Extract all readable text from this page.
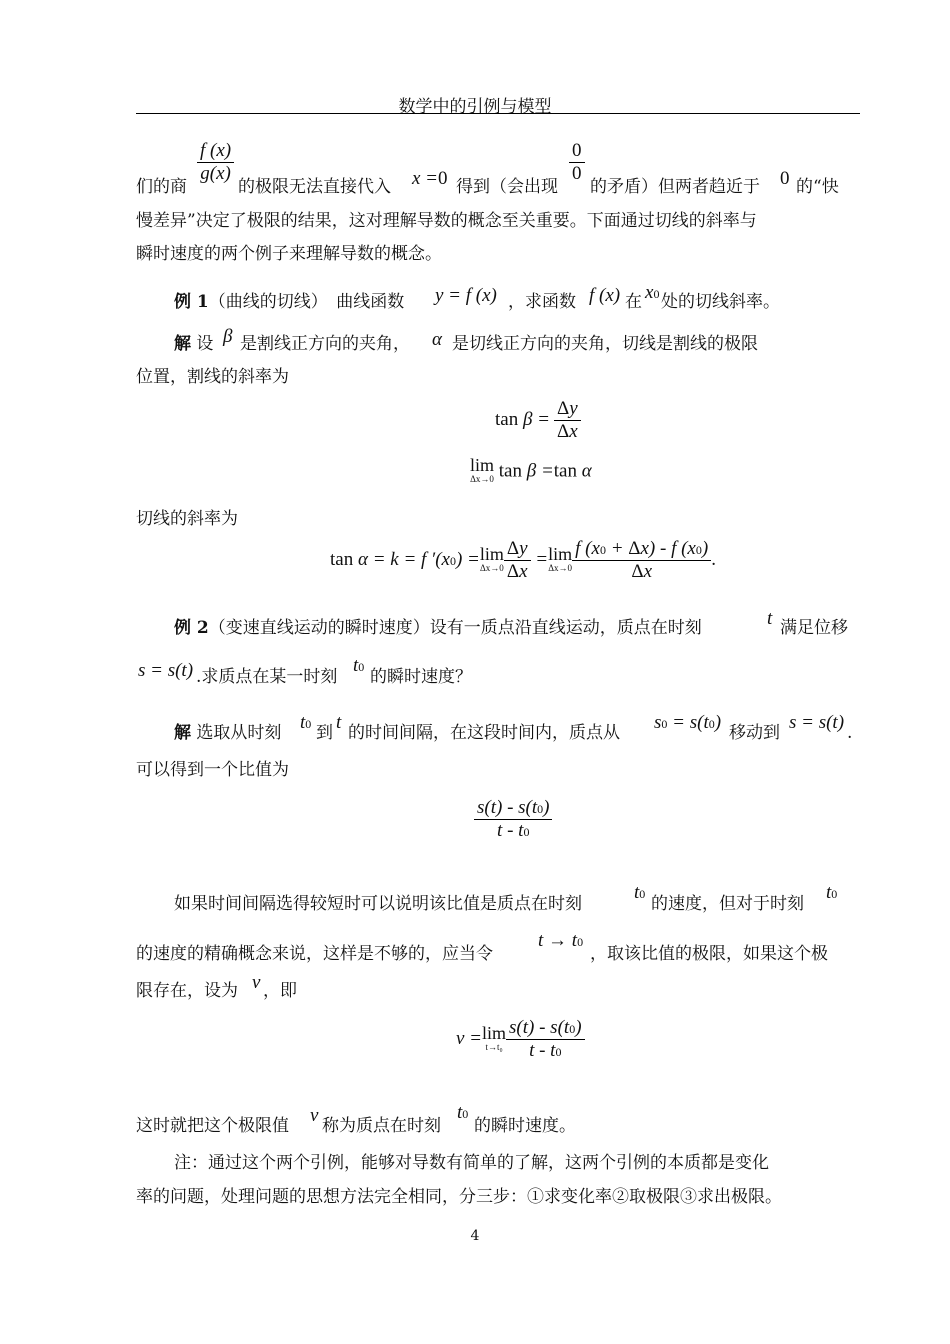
数学中的引例与模型
们的商
$\frac{f (x)}{g(x)}$
的极限无法直接代入 x =0 得到（会出现
$\frac{0}{0}$
的矛盾）但两者趋近于 0 的“快
慢差异”决定了极限的结果，这对理解导数的概念至关重要。下面通过切线的斜率与
瞬时速度的两个例子来理解导数的概念。
例 1（曲线的切线）　曲线函数 y = f (x) ，求函数 f (x) 在 x0 处的切线斜率。
解 设 β 是割线正方向的夹角， α 是切线正方向的夹角，切线是割线的极限
位置，割线的斜率为
$\tan \beta = \frac{\Delta y}{\Delta x}$
lim
Δx→0 tan β =tan α
切线的斜率为
tan α = k = f ′(x0) = lim
$\Delta x\to 0 \frac{\Delta y}{\Delta x} = \lim$
$\Delta x\to 0 \frac{f (x0 + \Delta x) - f (x0)}{\Delta x}$ .
例 2（变速直线运动的瞬时速度）设有一质点沿直线运动，质点在时刻	t 满足位移
s = s(t) .求质点在某一时刻
t0 的瞬时速度？
解 选取从时刻 t0 到 t 的时间间隔，在这段时间内，质点从 s0 = s(t0) 移动到 s = s(t) .
可以得到一个比值为
$\frac{s(t) - s(t0)}{t - t0}$
如果时间间隔选得较短时可以说明该比值是质点在时刻
t0 的速度，但对于时刻
t0
的速度的精确概念来说，这样是不够的，应当令
t → t0
，取该比值的极限，如果这个极
限存在，设为 v ，即
v = lim
$t\to t_0 \frac{s(t) - s(t0)}{t - t0}$
这时就把这个极限值 v 称为质点在时刻
t0
的瞬时速度。
注：通过这个两个引例，能够对导数有简单的了解，这两个引例的本质都是变化
率的问题，处理问题的思想方法完全相同，分三步：①求变化率②取极限③求出极限。
4
